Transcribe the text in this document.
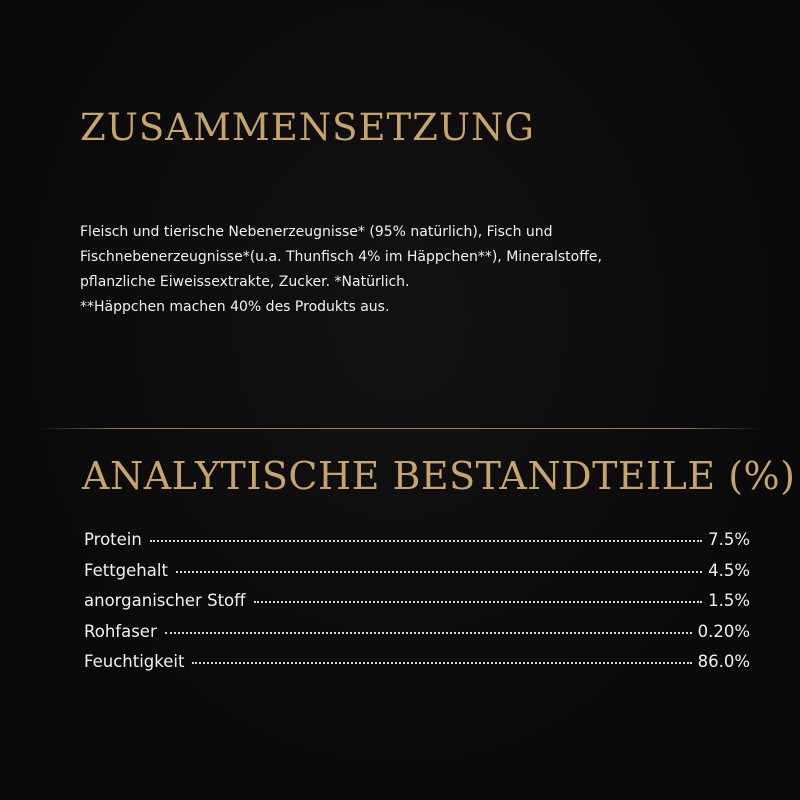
ZUSAMMENSETZUNG

Fleisch und tierische Nebenerzeugnisse* (95% natürlich), Fisch und
Fischnebenerzeugnisse*(u.a. Thunfisch 4% im Häppchen**), Mineralstoffe,
pflanzliche Eiweissextrakte, Zucker. *Natürlich.
**Häppchen machen 40% des Produkts aus.

ANALYTISCHE BESTANDTEILE (%)
Protein	7.5%
Fettgehalt	4.5%
anorganischer Stoff	1.5%
Rohfaser	0.20%
Feuchtigkeit	86.0%
